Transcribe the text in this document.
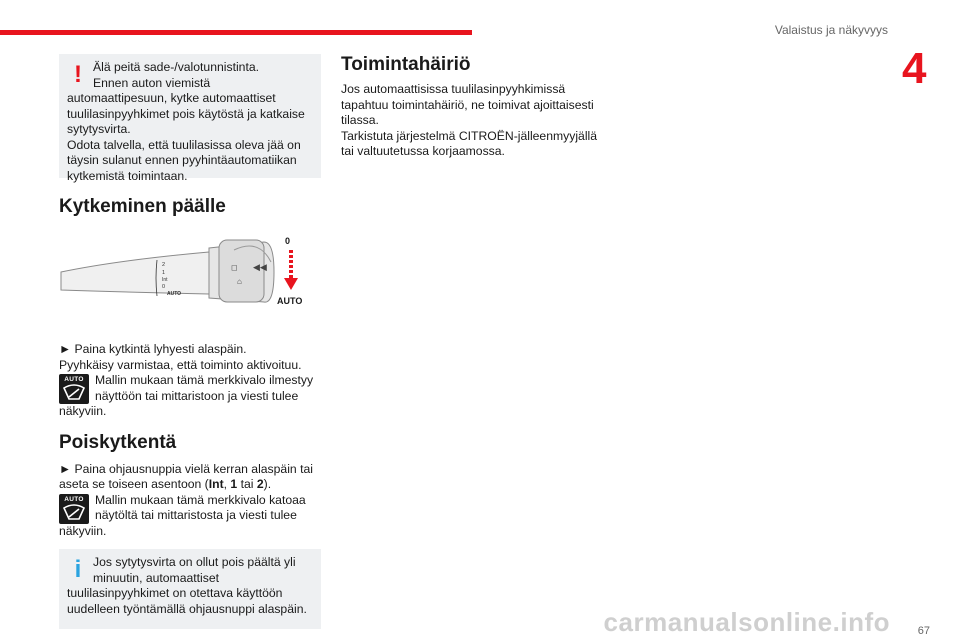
Valaistus ja näkyvyys
4
! Älä peitä sade-/valotunnistinta.
Ennen auton viemistä automaattipesuun, kytke automaattiset tuulilasinpyyhkimet pois käytöstä ja katkaise sytytysvirta.
Odota talvella, että tuulilasissa oleva jää on täysin sulanut ennen pyyhintäautomatiikan kytkemistä toimintaan.

Kytkeminen päälle
2
1
Int
0
AUTO
◻ ◀◀
⌂
0
AUTO

► Paina kytkintä lyhyesti alaspäin.

Pyyhkäisy varmistaa, että toiminto aktivoituu.

AUTO Mallin mukaan tämä merkkivalo ilmestyy näyttöön tai mittaristoon ja viesti tulee näkyviin.

Poiskytkentä

► Paina ohjausnuppia vielä kerran alaspäin tai aseta se toiseen asentoon (Int, 1 tai 2).

AUTO Mallin mukaan tämä merkkivalo katoaa näytöltä tai mittaristosta ja viesti tulee näkyviin.

i Jos sytytysvirta on ollut pois päältä yli minuutin, automaattiset tuulilasinpyyhkimet on otettava käyttöön uudelleen työntämällä ohjausnuppi alaspäin.

Toimintahäiriö

Jos automaattisissa tuulilasinpyyhkimissä tapahtuu toimintahäiriö, ne toimivat ajoittaisesti tilassa.
Tarkistuta järjestelmä CITROËN-jälleenmyyjällä tai valtuutetussa korjaamossa.

carmanualsonline.info	67
